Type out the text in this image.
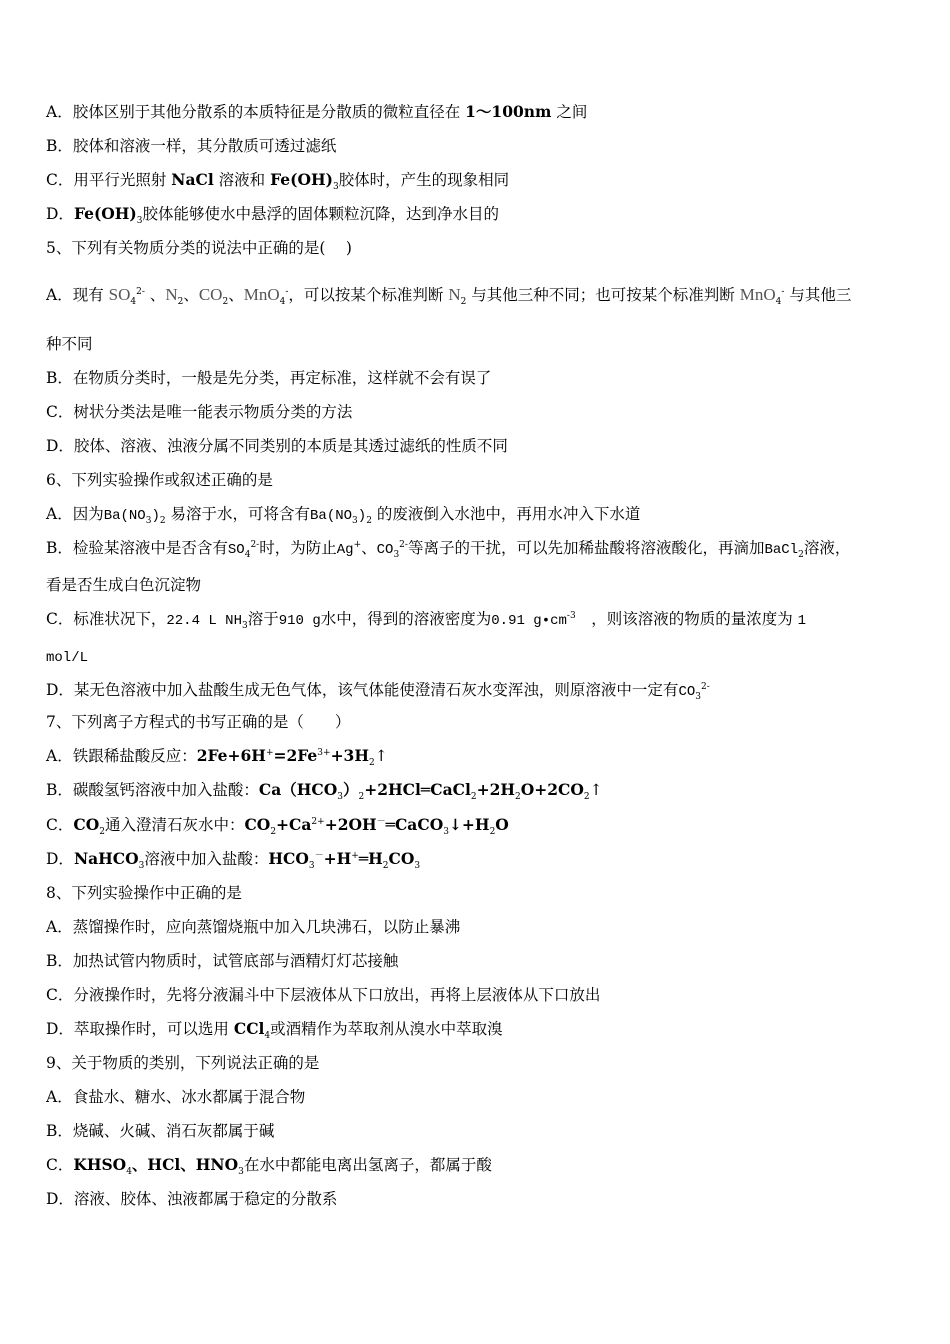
A．胶体区别于其他分散系的本质特征是分散质的微粒直径在 1～100nm 之间
B．胶体和溶液一样，其分散质可透过滤纸
C．用平行光照射 NaCl 溶液和 $Fe(OH)_3$胶体时，产生的现象相同
D．$Fe(OH)_3$胶体能够使水中悬浮的固体颗粒沉降，达到净水目的
5、下列有关物质分类的说法中正确的是(　 )
A．现有 $SO_4^{2-}$ 、$N_2$、$CO_2$、MnO$_4$-，可以按某个标准判断 $N_2$ 与其他三种不同；也可按某个标准判断 MnO$_4$- 与其他三
种不同
B．在物质分类时，一般是先分类，再定标准，这样就不会有误了
C．树状分类法是唯一能表示物质分类的方法
D．胶体、溶液、浊液分属不同类别的本质是其透过滤纸的性质不同
6、下列实验操作或叙述正确的是
A．因为$Ba(NO_3)_2$ 易溶于水，可将含有$Ba(NO_3)_2$ 的废液倒入水池中，再用水冲入下水道
B．检验某溶液中是否含有$SO_4^{2-}$时，为防止Ag+、$CO_3^{2-}$等离子的干扰，可以先加稀盐酸将溶液酸化，再滴加BaCl$_2$溶液，
看是否生成白色沉淀物
C．标准状况下，22.4 L $NH_3$溶于910 g水中，得到的溶液密度为0.91 $g•cm^{-3}$　，则该溶液的物质的量浓度为 1
mol/L
D．某无色溶液中加入盐酸生成无色气体，该气体能使澄清石灰水变浑浊，则原溶液中一定有$CO_3^{2-}$
7、下列离子方程式的书写正确的是（　　）
A．铁跟稀盐酸反应：$2Fe+6H^+=2Fe^{3+}+3H_2↑$
B．碳酸氢钙溶液中加入盐酸：$Ca(HCO_3)_2+2HCl═CaCl_2+2H_2O+2CO_2↑$
C．$CO_2$通入澄清石灰水中：$CO_2+Ca^{2+}+2OH^-═CaCO_3↓+H_2O$
D．NaHCO$_3$溶液中加入盐酸：$HCO_3^-+H^+═H_2CO_3$
8、下列实验操作中正确的是
A．蒸馏操作时，应向蒸馏烧瓶中加入几块沸石，以防止暴沸
B．加热试管内物质时，试管底部与酒精灯灯芯接触
C．分液操作时，先将分液漏斗中下层液体从下口放出，再将上层液体从下口放出
D．萃取操作时，可以选用 CCl$_4$或酒精作为萃取剂从溴水中萃取溴
9、关于物质的类别，下列说法正确的是
A．食盐水、糖水、冰水都属于混合物
B．烧碱、火碱、消石灰都属于碱
C．$KHSO_4$、HCl、$HNO_3$在水中都能电离出氢离子，都属于酸
D．溶液、胶体、浊液都属于稳定的分散系
